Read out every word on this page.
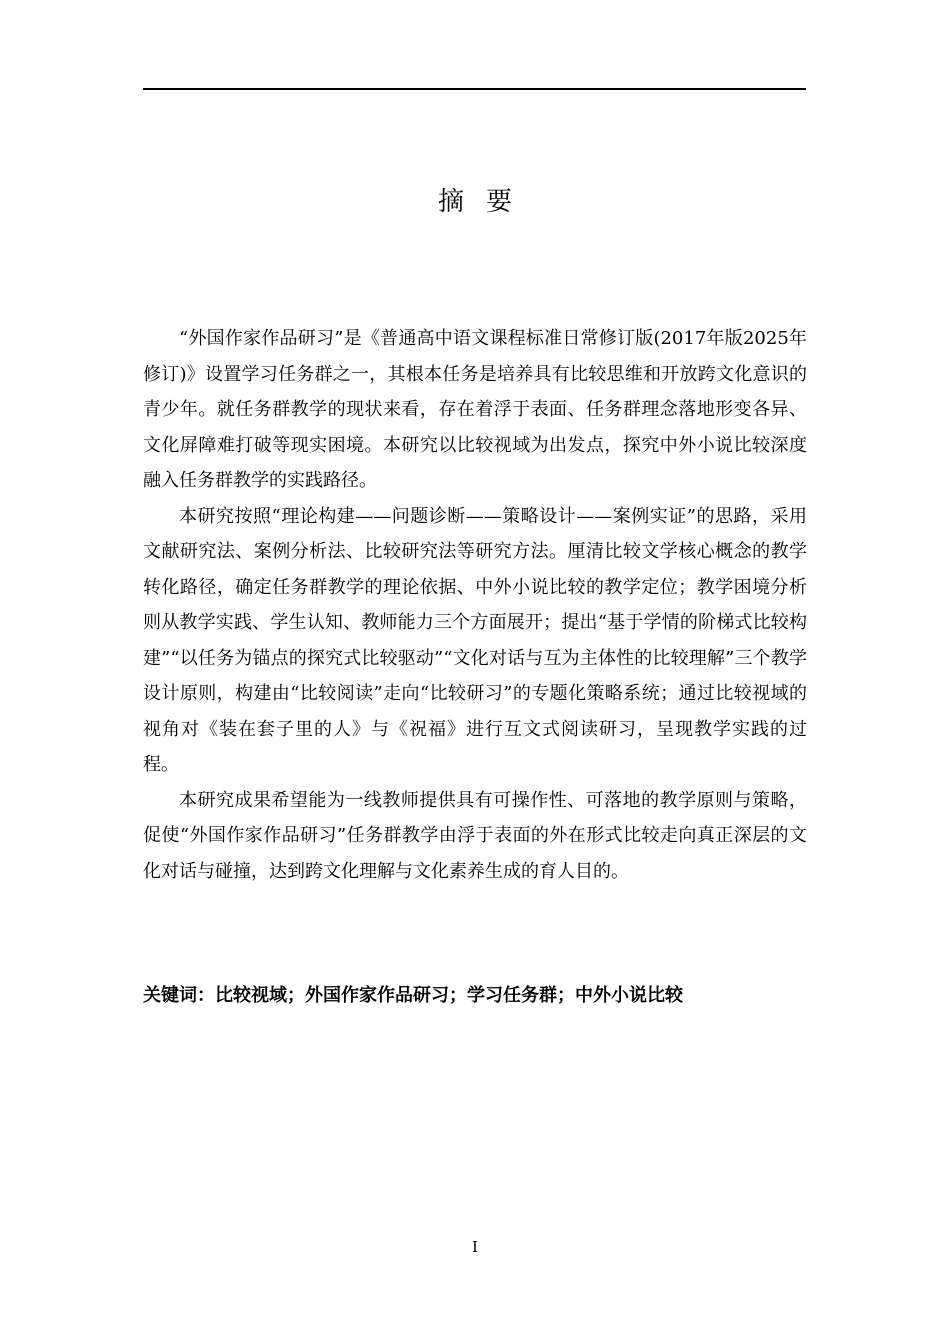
摘要

“外国作家作品研习”是《普通高中语文课程标准日常修订版(2017年版2025年修订)》设置学习任务群之一，其根本任务是培养具有比较思维和开放跨文化意识的青少年。就任务群教学的现状来看，存在着浮于表面、任务群理念落地形变各异、文化屏障难打破等现实困境。本研究以比较视域为出发点，探究中外小说比较深度融入任务群教学的实践路径。

本研究按照“理论构建——问题诊断——策略设计——案例实证”的思路，采用文献研究法、案例分析法、比较研究法等研究方法。厘清比较文学核心概念的教学转化路径，确定任务群教学的理论依据、中外小说比较的教学定位；教学困境分析则从教学实践、学生认知、教师能力三个方面展开；提出“基于学情的阶梯式比较构建”“以任务为锚点的探究式比较驱动”“文化对话与互为主体性的比较理解”三个教学设计原则，构建由“比较阅读”走向“比较研习”的专题化策略系统；通过比较视域的视角对《装在套子里的人》与《祝福》进行互文式阅读研习，呈现教学实践的过程。

本研究成果希望能为一线教师提供具有可操作性、可落地的教学原则与策略，促使“外国作家作品研习”任务群教学由浮于表面的外在形式比较走向真正深层的文化对话与碰撞，达到跨文化理解与文化素养生成的育人目的。

关键词：比较视域；外国作家作品研习；学习任务群；中外小说比较
I
